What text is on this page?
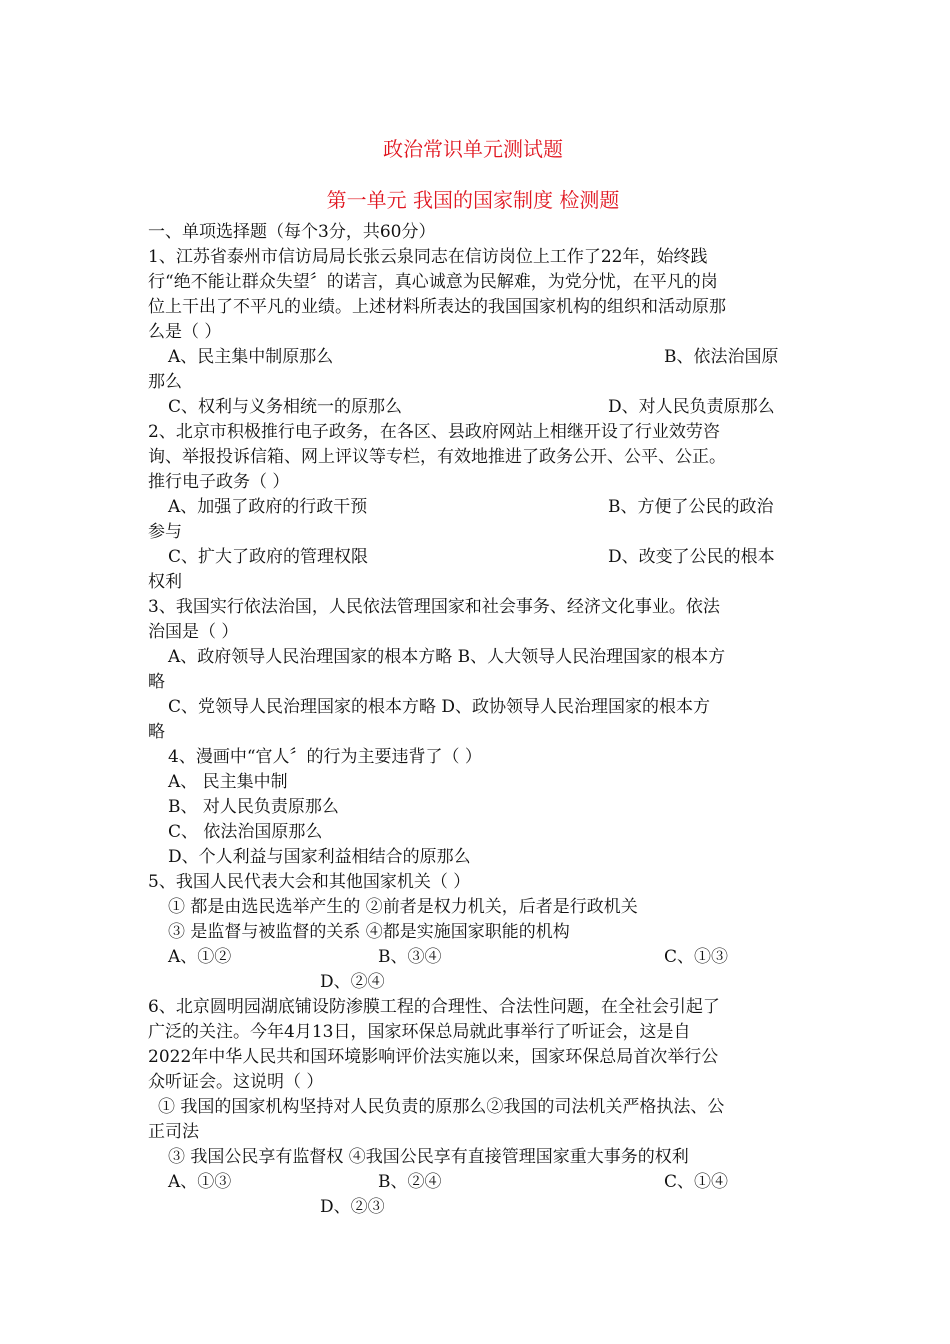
政治常识单元测试题
第一单元 我国的国家制度 检测题
一、单项选择题（每个3分，共60分）
1、江苏省泰州市信访局局长张云泉同志在信访岗位上工作了22年，始终践
行“绝不能让群众失望〞的诺言，真心诚意为民解难，为党分忧，在平凡的岗
位上干出了不平凡的业绩。上述材料所表达的我国国家机构的组织和活动原那
么是（ ）
A、民主集中制原那么	B、依法治国原
那么
C、权利与义务相统一的原那么	D、对人民负责原那么
2、北京市积极推行电子政务，在各区、县政府网站上相继开设了行业效劳咨
询、举报投诉信箱、网上评议等专栏，有效地推进了政务公开、公平、公正。
推行电子政务（ ）
A、加强了政府的行政干预	B、方便了公民的政治
参与
C、扩大了政府的管理权限	D、改变了公民的根本
权利
3、我国实行依法治国，人民依法管理国家和社会事务、经济文化事业。依法
治国是（ ）
A、政府领导人民治理国家的根本方略 B、人大领导人民治理国家的根本方
略
C、党领导人民治理国家的根本方略 D、政协领导人民治理国家的根本方
略
4、漫画中“官人〞的行为主要违背了（ ）
A、 民主集中制
B、 对人民负责原那么
C、 依法治国原那么
D、个人利益与国家利益相结合的原那么
5、我国人民代表大会和其他国家机关（ ）
① 都是由选民选举产生的 ②前者是权力机关，后者是行政机关
③ 是监督与被监督的关系 ④都是实施国家职能的机构
A、①②	B、③④	C、①③
D、②④
6、北京圆明园湖底铺设防渗膜工程的合理性、合法性问题，在全社会引起了
广泛的关注。今年4月13日，国家环保总局就此事举行了听证会，这是自
2022年中华人民共和国环境影响评价法实施以来，国家环保总局首次举行公
众听证会。这说明（ ）
① 我国的国家机构坚持对人民负责的原那么②我国的司法机关严格执法、公
正司法
③ 我国公民享有监督权 ④我国公民享有直接管理国家重大事务的权利
A、①③	B、②④	C、①④
D、②③
